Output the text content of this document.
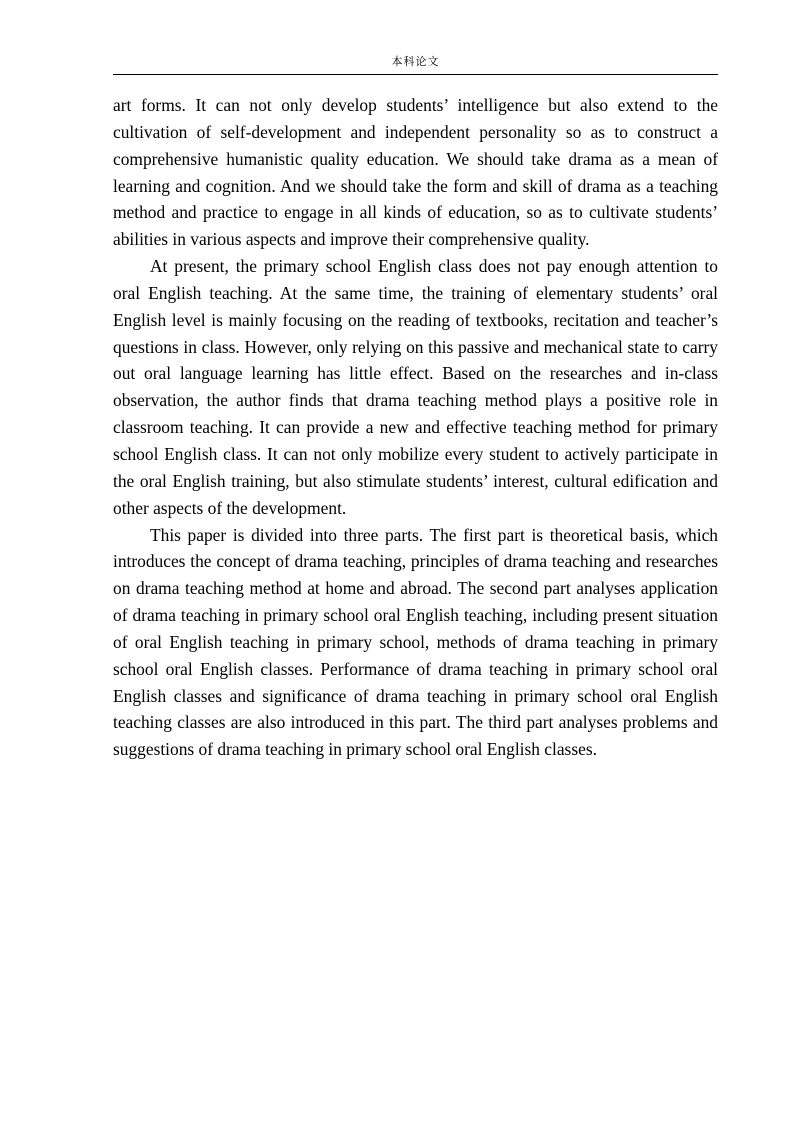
本科论文

art forms. It can not only develop students’ intelligence but also extend to the cultivation of self-development and independent personality so as to construct a comprehensive humanistic quality education. We should take drama as a mean of learning and cognition. And we should take the form and skill of drama as a teaching method and practice to engage in all kinds of education, so as to cultivate students’ abilities in various aspects and improve their comprehensive quality.

At present, the primary school English class does not pay enough attention to oral English teaching. At the same time, the training of elementary students’ oral English level is mainly focusing on the reading of textbooks, recitation and teacher’s questions in class. However, only relying on this passive and mechanical state to carry out oral language learning has little effect. Based on the researches and in-class observation, the author finds that drama teaching method plays a positive role in classroom teaching. It can provide a new and effective teaching method for primary school English class. It can not only mobilize every student to actively participate in the oral English training, but also stimulate students’ interest, cultural edification and other aspects of the development.

This paper is divided into three parts. The first part is theoretical basis, which introduces the concept of drama teaching, principles of drama teaching and researches on drama teaching method at home and abroad. The second part analyses application of drama teaching in primary school oral English teaching, including present situation of oral English teaching in primary school, methods of drama teaching in primary school oral English classes. Performance of drama teaching in primary school oral English classes and significance of drama teaching in primary school oral English teaching classes are also introduced in this part. The third part analyses problems and suggestions of drama teaching in primary school oral English classes.
